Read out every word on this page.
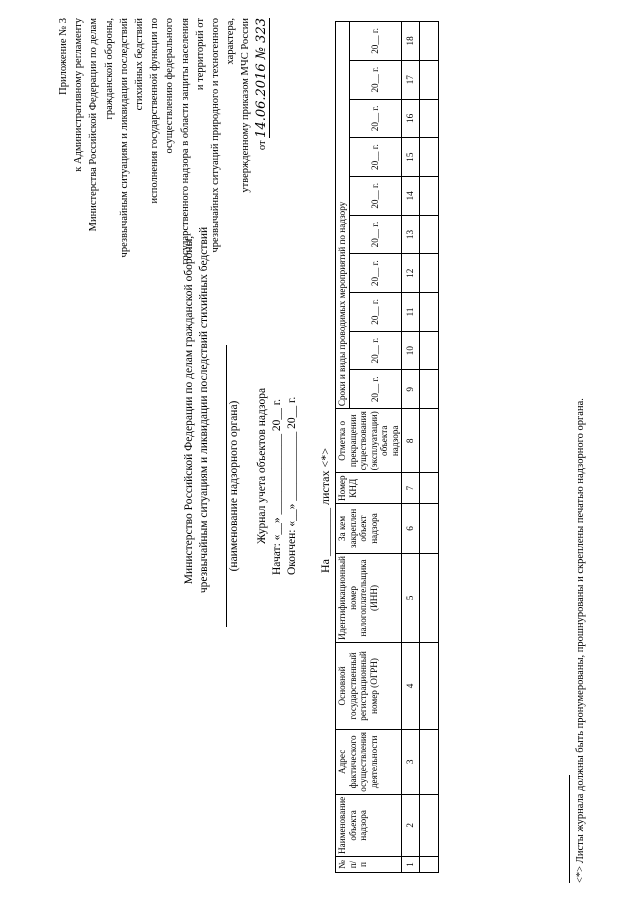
Приложение № 3 к Административному регламенту Министерства Российской Федерации по делам гражданской обороны, чрезвычайным ситуациям и ликвидации последствий стихийных бедствий исполнения государственной функции по осуществлению федерального государственного надзора в области защиты населения и территорий от чрезвычайных ситуаций природного и техногенного характера, утвержденному приказом МЧС России от 14.06.2016 № 323
Министерство Российской Федерации по делам гражданской обороны, чрезвычайным ситуациям и ликвидации последствий стихийных бедствий (наименование надзорного органа) Журнал учета объектов надзора Начат: «__» ______________ 20__ г. Окончен: «__» ____________ 20__ г. На ________ листах <*>
№ п/п	Наименование объекта надзора	Адрес фактического осуществления деятельности	Основной государственный регистрационный номер (ОГРН)	Идентификационный номер налогоплательщика (ИНН)	За кем закреплен объект надзора	Номер КНД	Отметка о прекращении существования (эксплуатации) объекта надзора	Сроки и виды проводимых мероприятий по надзору									
								20__ г.	20__ г.	20__ г.	20__ г.	20__ г.	20__ г.	20__ г.	20__ г.	20__ г.	20__ г.
1	2	3	4	5	6	7	8	9	10	11	12	13	14	15	16	17	18

<*> Листы журнала должны быть пронумерованы, прошнурованы и скреплены печатью надзорного органа.
